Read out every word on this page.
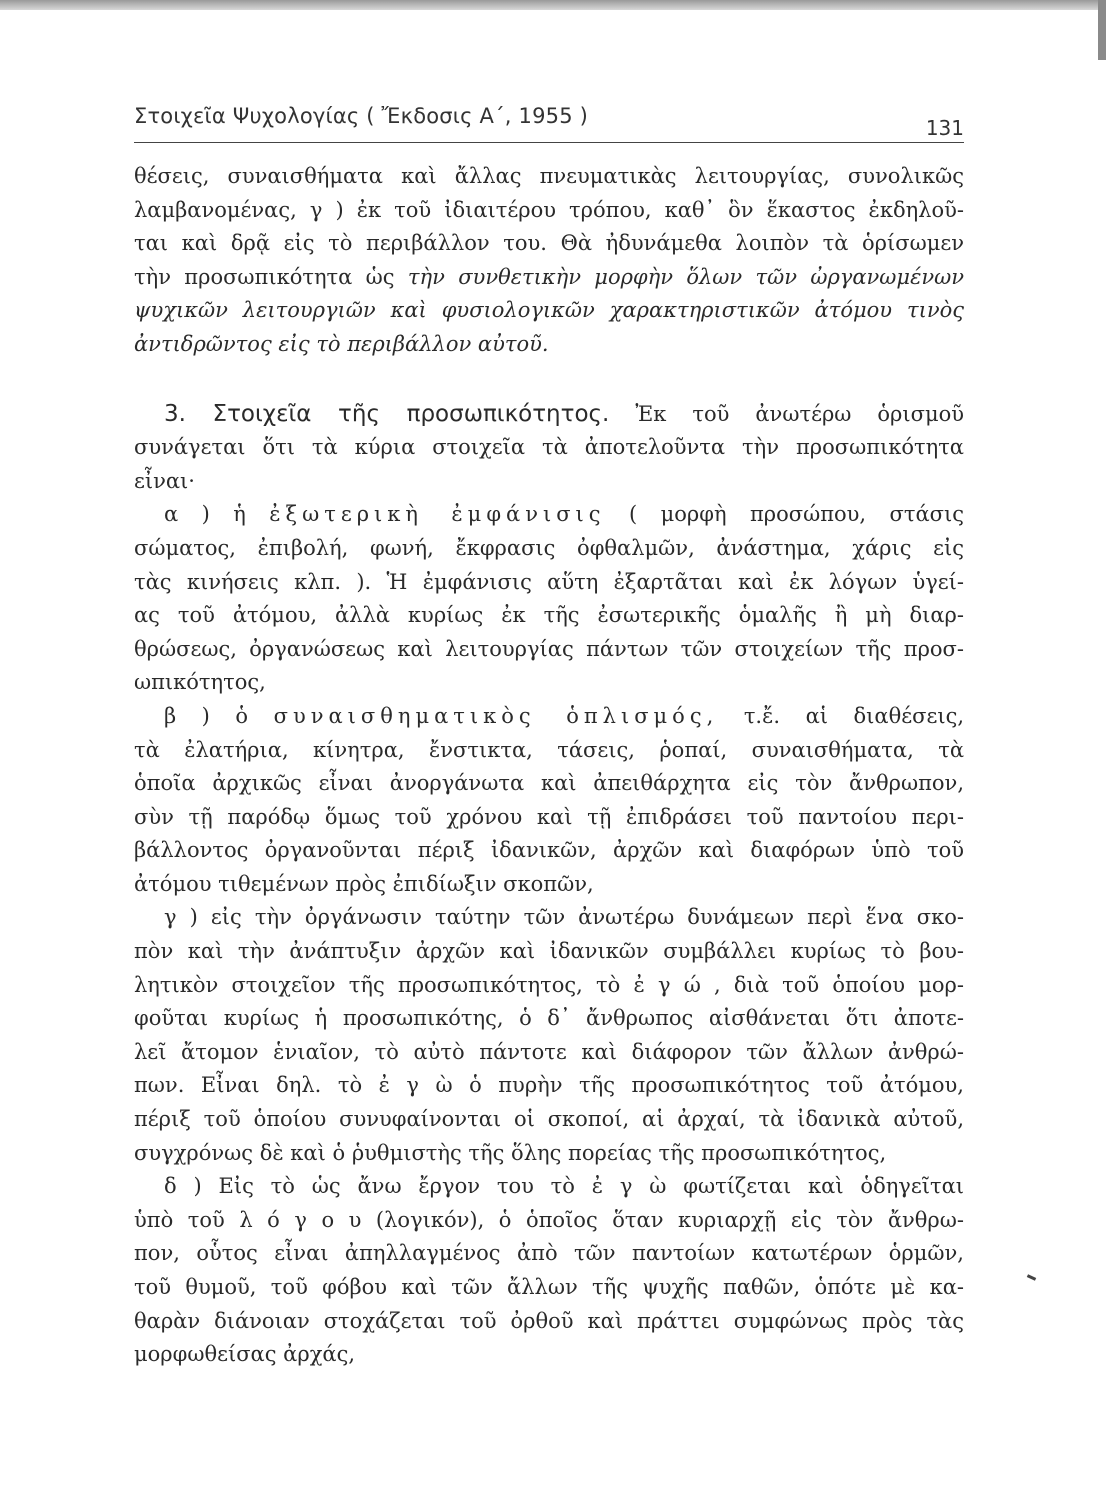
Στοιχεῖα Ψυχολογίας ( Ἔκδοσις Α΄, 1955 )	131
θέσεις, συναισθήματα καὶ ἄλλας πνευματικὰς λειτουργίας, συνολικῶς
λαμβανομένας, γ ) ἐκ τοῦ ἰδιαιτέρου τρόπου, καθ᾽ ὃν ἕκαστος ἐκδηλοῦ-
ται καὶ δρᾷ εἰς τὸ περιβάλλον του. Θὰ ἠδυνάμεθα λοιπὸν τὰ ὁρίσωμεν
τὴν προσωπικότητα ὡς τὴν συνθετικὴν μορφὴν ὅλων τῶν ὠργανωμένων
ψυχικῶν λειτουργιῶν καὶ φυσιολογικῶν χαρακτηριστικῶν ἀτόμου τινὸς
ἀντιδρῶντος εἰς τὸ περιβάλλον αὐτοῦ.
3. Στοιχεῖα τῆς προσωπικότητος. Ἐκ τοῦ ἀνωτέρω ὁρισμοῦ
συνάγεται ὅτι τὰ κύρια στοιχεῖα τὰ ἀποτελοῦντα τὴν προσωπικότητα
εἶναι·
α ) ἡ ἐξωτερικὴ ἐμφάνισις ( μορφὴ προσώπου, στάσις
σώματος, ἐπιβολή, φωνή, ἔκφρασις ὀφθαλμῶν, ἀνάστημα, χάρις εἰς
τὰς κινήσεις κλπ. ). Ἡ ἐμφάνισις αὕτη ἐξαρτᾶται καὶ ἐκ λόγων ὑγεί-
ας τοῦ ἀτόμου, ἀλλὰ κυρίως ἐκ τῆς ἐσωτερικῆς ὁμαλῆς ἢ μὴ διαρ-
θρώσεως, ὀργανώσεως καὶ λειτουργίας πάντων τῶν στοιχείων τῆς προσ-
ωπικότητος,
β ) ὁ συναισθηματικὸς ὁπλισμός, τ.ἔ. αἱ διαθέσεις,
τὰ ἐλατήρια, κίνητρα, ἔνστικτα, τάσεις, ῥοπαί, συναισθήματα, τὰ
ὁποῖα ἀρχικῶς εἶναι ἀνοργάνωτα καὶ ἀπειθάρχητα εἰς τὸν ἄνθρωπον,
σὺν τῇ παρόδῳ ὅμως τοῦ χρόνου καὶ τῇ ἐπιδράσει τοῦ παντοίου περι-
βάλλοντος ὀργανοῦνται πέριξ ἰδανικῶν, ἀρχῶν καὶ διαφόρων ὑπὸ τοῦ
ἀτόμου τιθεμένων πρὸς ἐπιδίωξιν σκοπῶν,
γ ) εἰς τὴν ὀργάνωσιν ταύτην τῶν ἀνωτέρω δυνάμεων περὶ ἕνα σκο-
πὸν καὶ τὴν ἀνάπτυξιν ἀρχῶν καὶ ἰδανικῶν συμβάλλει κυρίως τὸ βου-
λητικὸν στοιχεῖον τῆς προσωπικότητος, τὸ ἐ γ ώ , διὰ τοῦ ὁποίου μορ-
φοῦται κυρίως ἡ προσωπικότης, ὁ δ᾽ ἄνθρωπος αἰσθάνεται ὅτι ἀποτε-
λεῖ ἄτομον ἑνιαῖον, τὸ αὐτὸ πάντοτε καὶ διάφορον τῶν ἄλλων ἀνθρώ-
πων. Εἶναι δηλ. τὸ ἐ γ ὼ ὁ πυρὴν τῆς προσωπικότητος τοῦ ἀτόμου,
πέριξ τοῦ ὁποίου συνυφαίνονται οἱ σκοποί, αἱ ἀρχαί, τὰ ἰδανικὰ αὐτοῦ,
συγχρόνως δὲ καὶ ὁ ῥυθμιστὴς τῆς ὅλης πορείας τῆς προσωπικότητος,
δ ) Εἰς τὸ ὡς ἄνω ἔργον του τὸ ἐ γ ὼ φωτίζεται καὶ ὁδηγεῖται
ὑπὸ τοῦ λ ό γ ο υ (λογικόν), ὁ ὁποῖος ὅταν κυριαρχῇ εἰς τὸν ἄνθρω-
πον, οὗτος εἶναι ἀπηλλαγμένος ἀπὸ τῶν παντοίων κατωτέρων ὁρμῶν,
τοῦ θυμοῦ, τοῦ φόβου καὶ τῶν ἄλλων τῆς ψυχῆς παθῶν, ὁπότε μὲ κα-
θαρὰν διάνοιαν στοχάζεται τοῦ ὀρθοῦ καὶ πράττει συμφώνως πρὸς τὰς
μορφωθείσας ἀρχάς,
